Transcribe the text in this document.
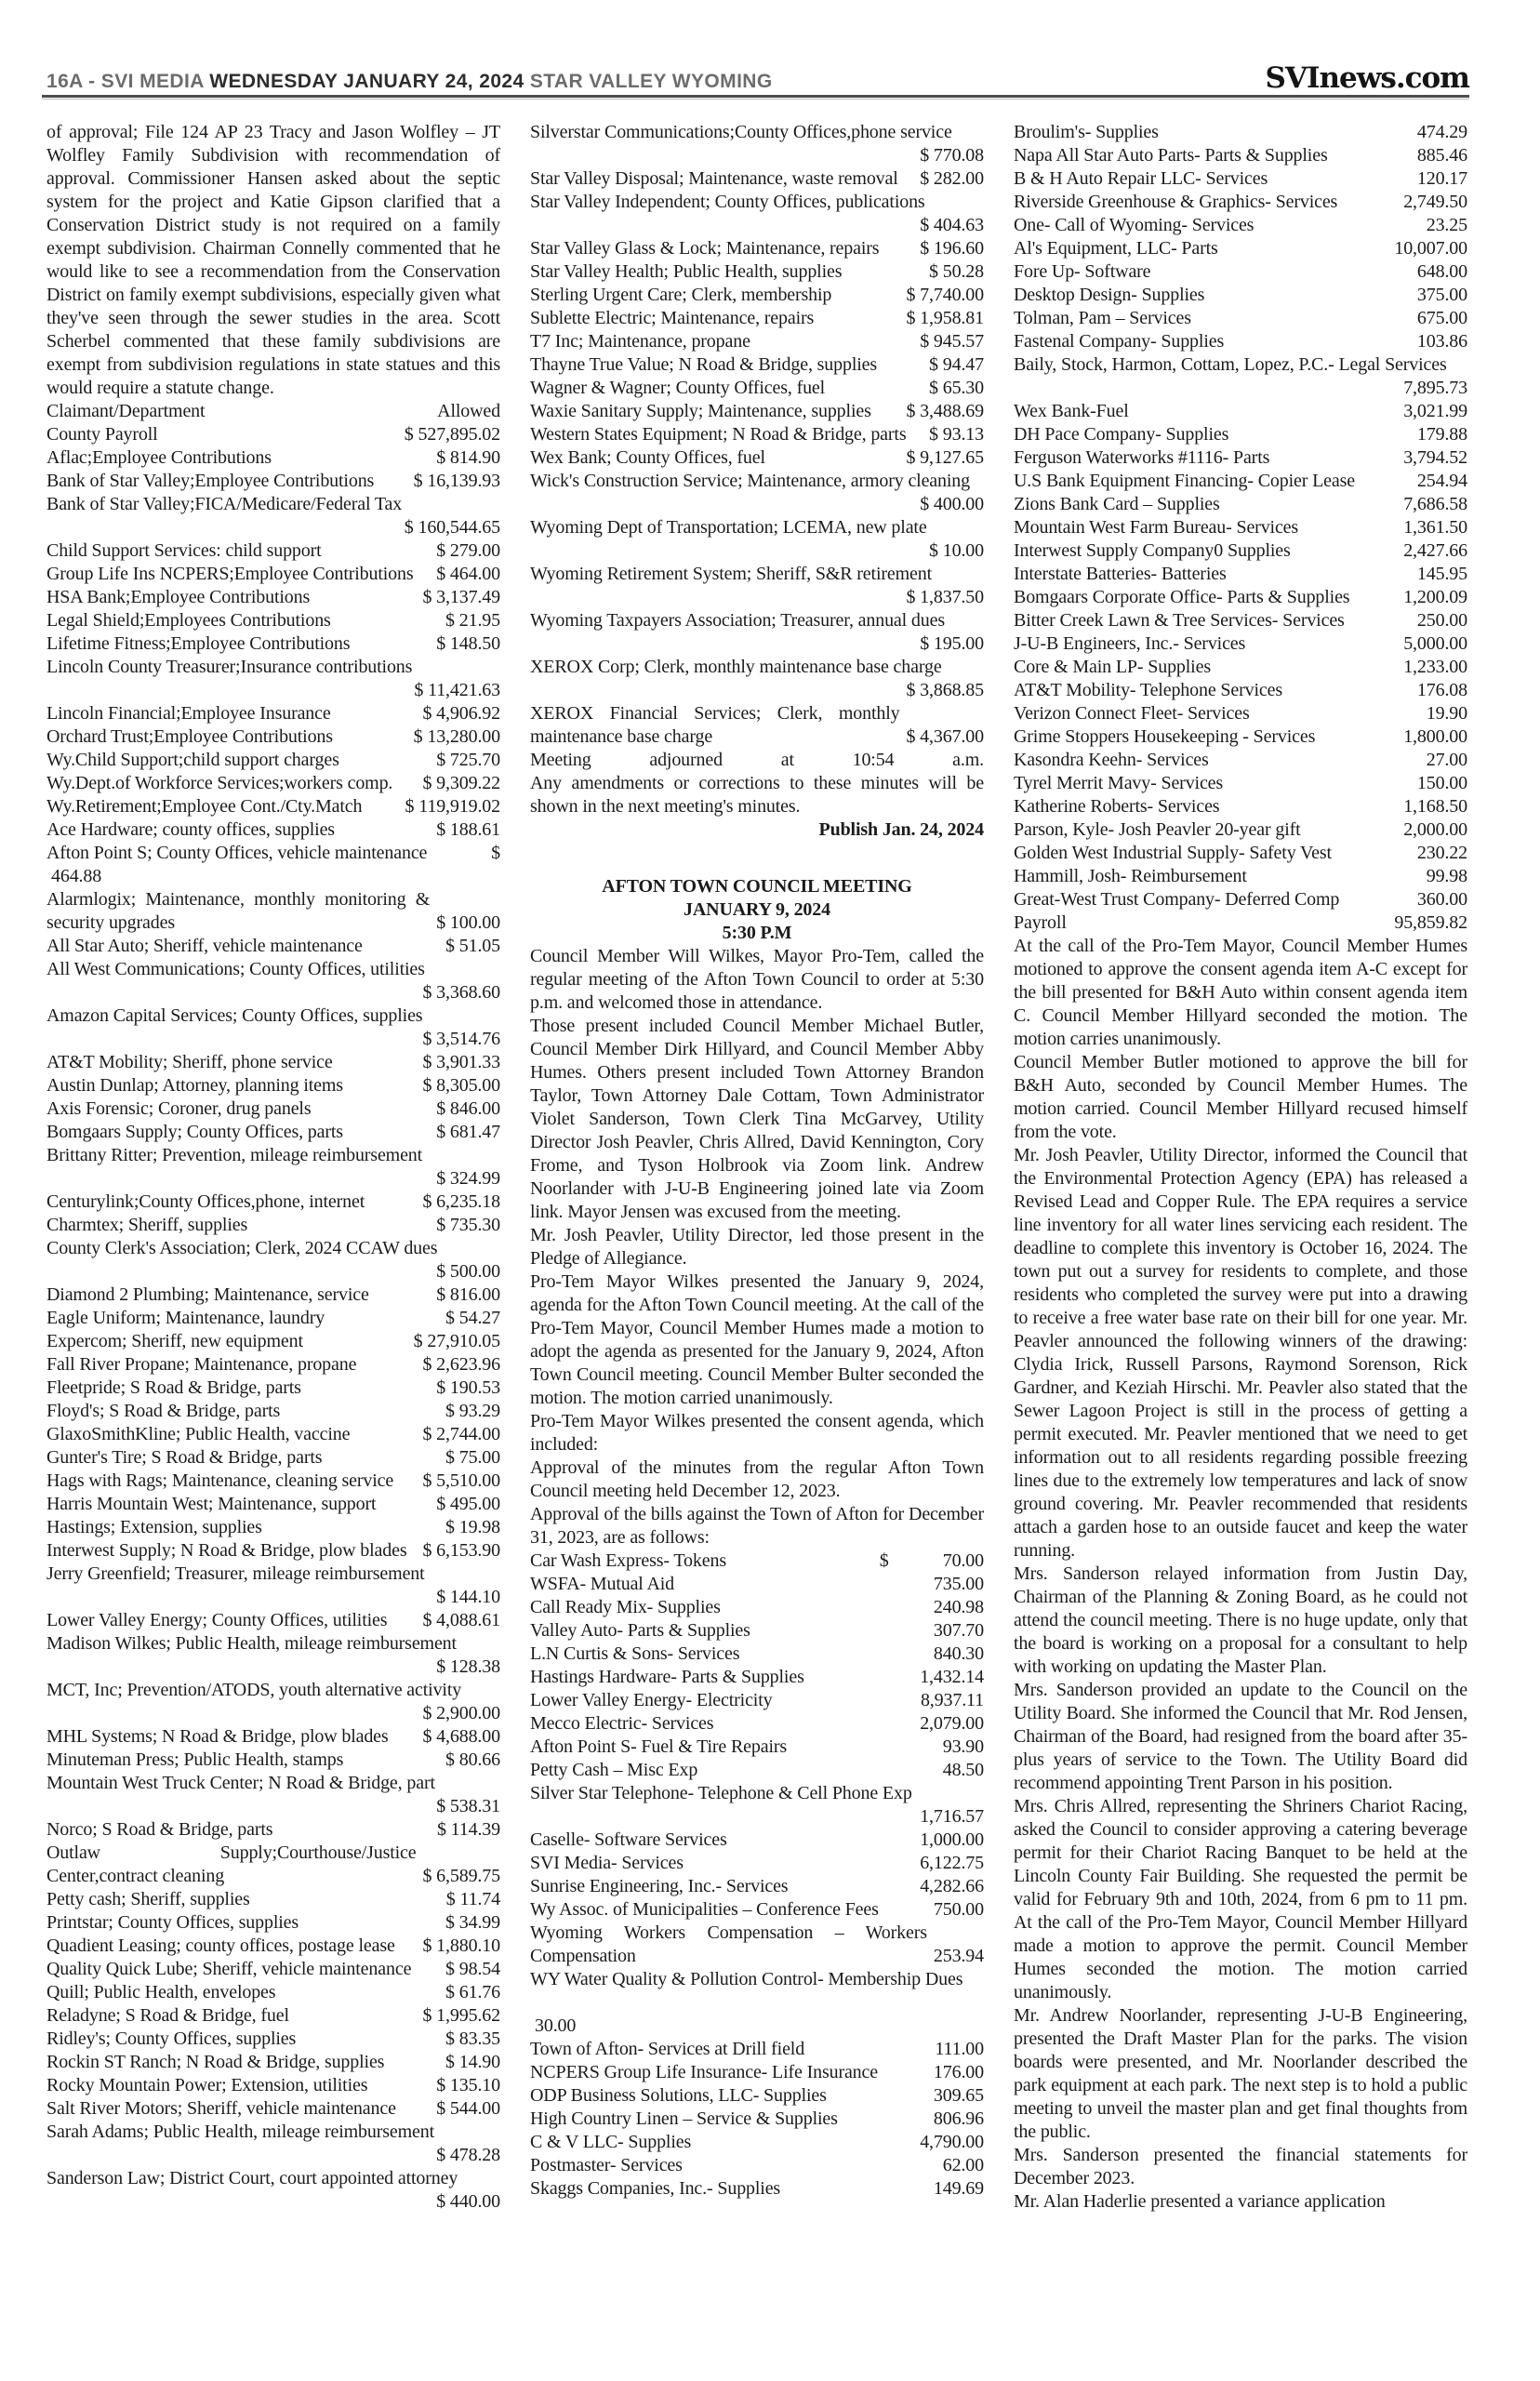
16A - SVI MEDIA WEDNESDAY JANUARY 24, 2024 STAR VALLEY WYOMING	SVInews.com
of approval; File 124 AP 23 Tracy and Jason Wolfley – JT Wolfley Family Subdivision with recommendation of approval. Commissioner Hansen asked about the septic system for the project and Katie Gipson clarified that a Conservation District study is not required on a family exempt subdivision. Chairman Connelly commented that he would like to see a recommendation from the Conservation District on family exempt subdivisions, especially given what they've seen through the sewer studies in the area. Scott Scherbel commented that these family subdivisions are exempt from subdivision regulations in state statues and this would require a statute change.
Claimant/Department	Allowed
County Payroll	$ 527,895.02
Aflac;Employee Contributions	$ 814.90
Bank of Star Valley;Employee Contributions	$ 16,139.93
Bank of Star Valley;FICA/Medicare/Federal Tax
$ 160,544.65
Child Support Services: child support	$ 279.00
Group Life Ins NCPERS;Employee Contributions	$ 464.00
HSA Bank;Employee Contributions	$ 3,137.49
Legal Shield;Employees Contributions	$ 21.95
Lifetime Fitness;Employee Contributions	$ 148.50
Lincoln County Treasurer;Insurance contributions
$ 11,421.63
Lincoln Financial;Employee Insurance	$ 4,906.92
Orchard Trust;Employee Contributions	$ 13,280.00
Wy.Child Support;child support charges	$ 725.70
Wy.Dept.of Workforce Services;workers comp.	$ 9,309.22
Wy.Retirement;Employee Cont./Cty.Match	$ 119,919.02
Ace Hardware; county offices, supplies	$ 188.61
Afton Point S; County Offices, vehicle maintenance	$
464.88
Alarmlogix; Maintenance, monthly monitoring & security upgrades	$ 100.00
All Star Auto; Sheriff, vehicle maintenance	$ 51.05
All West Communications; County Offices, utilities
$ 3,368.60
Amazon Capital Services; County Offices, supplies
$ 3,514.76
AT&T Mobility; Sheriff, phone service	$ 3,901.33
Austin Dunlap; Attorney, planning items	$ 8,305.00
Axis Forensic; Coroner, drug panels	$ 846.00
Bomgaars Supply; County Offices, parts	$ 681.47
Brittany Ritter; Prevention, mileage reimbursement
$ 324.99
Centurylink;County Offices,phone, internet	$ 6,235.18
Charmtex; Sheriff, supplies	$ 735.30
County Clerk's Association; Clerk, 2024 CCAW dues
$ 500.00
Diamond 2 Plumbing; Maintenance, service	$ 816.00
Eagle Uniform; Maintenance, laundry	$ 54.27
Expercom; Sheriff, new equipment	$ 27,910.05
Fall River Propane; Maintenance, propane	$ 2,623.96
Fleetpride; S Road & Bridge, parts	$ 190.53
Floyd's; S Road & Bridge, parts	$ 93.29
GlaxoSmithKline; Public Health, vaccine	$ 2,744.00
Gunter's Tire; S Road & Bridge, parts	$ 75.00
Hags with Rags; Maintenance, cleaning service	$ 5,510.00
Harris Mountain West; Maintenance, support	$ 495.00
Hastings; Extension, supplies	$ 19.98
Interwest Supply; N Road & Bridge, plow blades $ 6,153.90
Jerry Greenfield; Treasurer, mileage reimbursement
$ 144.10
Lower Valley Energy; County Offices, utilities	$ 4,088.61
Madison Wilkes; Public Health, mileage reimbursement
$ 128.38
MCT, Inc; Prevention/ATODS, youth alternative activity
$ 2,900.00
MHL Systems; N Road & Bridge, plow blades	$ 4,688.00
Minuteman Press; Public Health, stamps	$ 80.66
Mountain West Truck Center; N Road & Bridge, part
$ 538.31
Norco; S Road & Bridge, parts	$ 114.39
Outlaw Supply;Courthouse/Justice Center,contract cleaning	$ 6,589.75
Petty cash; Sheriff, supplies	$ 11.74
Printstar; County Offices, supplies	$ 34.99
Quadient Leasing; county offices, postage lease	$ 1,880.10
Quality Quick Lube; Sheriff, vehicle maintenance	$ 98.54
Quill; Public Health, envelopes	$ 61.76
Reladyne; S Road & Bridge, fuel	$ 1,995.62
Ridley's; County Offices, supplies	$ 83.35
Rockin ST Ranch; N Road & Bridge, supplies	$ 14.90
Rocky Mountain Power; Extension, utilities	$ 135.10
Salt River Motors; Sheriff, vehicle maintenance	$ 544.00
Sarah Adams; Public Health, mileage reimbursement
$ 478.28
Sanderson Law; District Court, court appointed attorney
$ 440.00
Silverstar Communications;County Offices,phone service
$ 770.08
Star Valley Disposal; Maintenance, waste removal	$ 282.00
Star Valley Independent; County Offices, publications
$ 404.63
Star Valley Glass & Lock; Maintenance, repairs	$ 196.60
Star Valley Health; Public Health, supplies	$ 50.28
Sterling Urgent Care; Clerk, membership	$ 7,740.00
Sublette Electric; Maintenance, repairs	$ 1,958.81
T7 Inc; Maintenance, propane	$ 945.57
Thayne True Value; N Road & Bridge, supplies	$ 94.47
Wagner & Wagner; County Offices, fuel	$ 65.30
Waxie Sanitary Supply; Maintenance, supplies	$ 3,488.69
Western States Equipment; N Road & Bridge, parts	$ 93.13
Wex Bank; County Offices, fuel	$ 9,127.65
Wick's Construction Service; Maintenance, armory cleaning
$ 400.00
Wyoming Dept of Transportation; LCEMA, new plate
$ 10.00
Wyoming Retirement System; Sheriff, S&R retirement
$ 1,837.50
Wyoming Taxpayers Association; Treasurer, annual dues
$ 195.00
XEROX Corp; Clerk, monthly maintenance base charge
$ 3,868.85
XEROX Financial Services; Clerk, monthly maintenance base charge	$ 4,367.00
Meeting adjourned at 10:54 a.m.
Any amendments or corrections to these minutes will be shown in the next meeting's minutes.
Publish Jan. 24, 2024
AFTON TOWN COUNCIL MEETING
JANUARY 9, 2024
5:30 P.M
Council Member Will Wilkes, Mayor Pro-Tem, called the regular meeting of the Afton Town Council to order at 5:30 p.m. and welcomed those in attendance.
Those present included Council Member Michael Butler, Council Member Dirk Hillyard, and Council Member Abby Humes. Others present included Town Attorney Brandon Taylor, Town Attorney Dale Cottam, Town Administrator Violet Sanderson, Town Clerk Tina McGarvey, Utility Director Josh Peavler, Chris Allred, David Kennington, Cory Frome, and Tyson Holbrook via Zoom link. Andrew Noorlander with J-U-B Engineering joined late via Zoom link. Mayor Jensen was excused from the meeting.
Mr. Josh Peavler, Utility Director, led those present in the Pledge of Allegiance.
Pro-Tem Mayor Wilkes presented the January 9, 2024, agenda for the Afton Town Council meeting. At the call of the Pro-Tem Mayor, Council Member Humes made a motion to adopt the agenda as presented for the January 9, 2024, Afton Town Council meeting. Council Member Bulter seconded the motion. The motion carried unanimously.
Pro-Tem Mayor Wilkes presented the consent agenda, which included:
Approval of the minutes from the regular Afton Town Council meeting held December 12, 2023.
Approval of the bills against the Town of Afton for December 31, 2023, are as follows:
Car Wash Express- Tokens	$            70.00
WSFA- Mutual Aid	735.00
Call Ready Mix- Supplies	240.98
Valley Auto- Parts & Supplies	307.70
L.N Curtis & Sons- Services	840.30
Hastings Hardware- Parts & Supplies	1,432.14
Lower Valley Energy- Electricity	8,937.11
Mecco Electric- Services	2,079.00
Afton Point S- Fuel & Tire Repairs	93.90
Petty Cash – Misc Exp	48.50
Silver Star Telephone- Telephone & Cell Phone Exp
1,716.57
Caselle- Software Services	1,000.00
SVI Media- Services	6,122.75
Sunrise Engineering, Inc.- Services	4,282.66
Wy Assoc. of Municipalities – Conference Fees	750.00
Wyoming Workers Compensation – Workers Compensation	253.94
WY Water Quality & Pollution Control- Membership Dues
30.00
Town of Afton- Services at Drill field	111.00
NCPERS Group Life Insurance- Life Insurance	176.00
ODP Business Solutions, LLC- Supplies	309.65
High Country Linen – Service & Supplies	806.96
C & V LLC- Supplies	4,790.00
Postmaster- Services	62.00
Skaggs Companies, Inc.- Supplies	149.69
Broulim's- Supplies	474.29
Napa All Star Auto Parts- Parts & Supplies	885.46
B & H Auto Repair LLC- Services	120.17
Riverside Greenhouse & Graphics- Services	2,749.50
One- Call of Wyoming- Services	23.25
Al's Equipment, LLC- Parts	10,007.00
Fore Up- Software	648.00
Desktop Design- Supplies	375.00
Tolman, Pam – Services	675.00
Fastenal Company- Supplies	103.86
Baily, Stock, Harmon, Cottam, Lopez, P.C.- Legal Services
7,895.73
Wex Bank-Fuel	3,021.99
DH Pace Company- Supplies	179.88
Ferguson Waterworks #1116- Parts	3,794.52
U.S Bank Equipment Financing- Copier Lease	254.94
Zions Bank Card – Supplies	7,686.58
Mountain West Farm Bureau- Services	1,361.50
Interwest Supply Company0 Supplies	2,427.66
Interstate Batteries- Batteries	145.95
Bomgaars Corporate Office- Parts & Supplies	1,200.09
Bitter Creek Lawn & Tree Services- Services	250.00
J-U-B Engineers, Inc.- Services	5,000.00
Core & Main LP- Supplies	1,233.00
AT&T Mobility- Telephone Services	176.08
Verizon Connect Fleet- Services	19.90
Grime Stoppers Housekeeping - Services	1,800.00
Kasondra Keehn- Services	27.00
Tyrel Merrit Mavy- Services	150.00
Katherine Roberts- Services	1,168.50
Parson, Kyle- Josh Peavler 20-year gift	2,000.00
Golden West Industrial Supply- Safety Vest	230.22
Hammill, Josh- Reimbursement	99.98
Great-West Trust Company- Deferred Comp	360.00
Payroll	95,859.82
At the call of the Pro-Tem Mayor, Council Member Humes motioned to approve the consent agenda item A-C except for the bill presented for B&H Auto within consent agenda item C. Council Member Hillyard seconded the motion. The motion carries unanimously.
Council Member Butler motioned to approve the bill for B&H Auto, seconded by Council Member Humes. The motion carried. Council Member Hillyard recused himself from the vote.
Mr. Josh Peavler, Utility Director, informed the Council that the Environmental Protection Agency (EPA) has released a Revised Lead and Copper Rule. The EPA requires a service line inventory for all water lines servicing each resident. The deadline to complete this inventory is October 16, 2024. The town put out a survey for residents to complete, and those residents who completed the survey were put into a drawing to receive a free water base rate on their bill for one year. Mr. Peavler announced the following winners of the drawing: Clydia Irick, Russell Parsons, Raymond Sorenson, Rick Gardner, and Keziah Hirschi. Mr. Peavler also stated that the Sewer Lagoon Project is still in the process of getting a permit executed. Mr. Peavler mentioned that we need to get information out to all residents regarding possible freezing lines due to the extremely low temperatures and lack of snow ground covering. Mr. Peavler recommended that residents attach a garden hose to an outside faucet and keep the water running.
Mrs. Sanderson relayed information from Justin Day, Chairman of the Planning & Zoning Board, as he could not attend the council meeting. There is no huge update, only that the board is working on a proposal for a consultant to help with working on updating the Master Plan.
Mrs. Sanderson provided an update to the Council on the Utility Board. She informed the Council that Mr. Rod Jensen, Chairman of the Board, had resigned from the board after 35-plus years of service to the Town. The Utility Board did recommend appointing Trent Parson in his position.
Mrs. Chris Allred, representing the Shriners Chariot Racing, asked the Council to consider approving a catering beverage permit for their Chariot Racing Banquet to be held at the Lincoln County Fair Building. She requested the permit be valid for February 9th and 10th, 2024, from 6 pm to 11 pm. At the call of the Pro-Tem Mayor, Council Member Hillyard made a motion to approve the permit. Council Member Humes seconded the motion. The motion carried unanimously.
Mr. Andrew Noorlander, representing J-U-B Engineering, presented the Draft Master Plan for the parks. The vision boards were presented, and Mr. Noorlander described the park equipment at each park. The next step is to hold a public meeting to unveil the master plan and get final thoughts from the public.
Mrs. Sanderson presented the financial statements for December 2023.
Mr. Alan Haderlie presented a variance application
